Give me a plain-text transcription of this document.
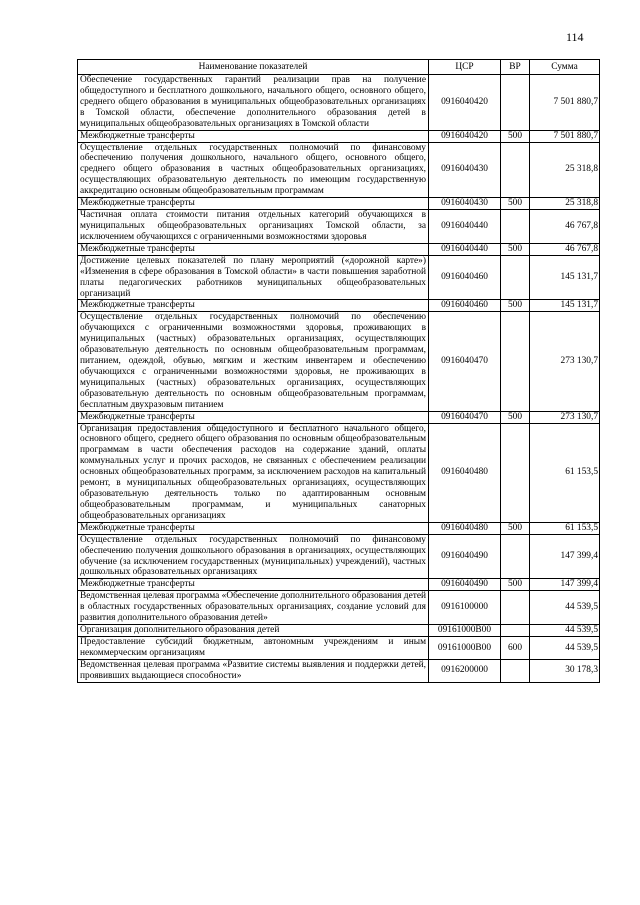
114
Наименование показателей	ЦСР	ВР	Сумма
Обеспечение государственных гарантий реализации прав на получение общедоступного и бесплатного дошкольного, начального общего, основного общего, среднего общего образования в муниципальных общеобразовательных организациях в Томской области, обеспечение дополнительного образования детей в муниципальных общеобразовательных организациях в Томской области	0916040420		7 501 880,7
Межбюджетные трансферты	0916040420	500	7 501 880,7
Осуществление отдельных государственных полномочий по финансовому обеспечению получения дошкольного, начального общего, основного общего, среднего общего образования в частных общеобразовательных организациях, осуществляющих образовательную деятельность по имеющим государственную аккредитацию основным общеобразовательным программам	0916040430		25 318,8
Межбюджетные трансферты	0916040430	500	25 318,8
Частичная оплата стоимости питания отдельных категорий обучающихся в муниципальных общеобразовательных организациях Томской области, за исключением обучающихся с ограниченными возможностями здоровья	0916040440		46 767,8
Межбюджетные трансферты	0916040440	500	46 767,8
Достижение целевых показателей по плану мероприятий («дорожной карте») «Изменения в сфере образования в Томской области» в части повышения заработной платы педагогических работников муниципальных общеобразовательных организаций	0916040460		145 131,7
Межбюджетные трансферты	0916040460	500	145 131,7
Осуществление отдельных государственных полномочий по обеспечению обучающихся с ограниченными возможностями здоровья, проживающих в муниципальных (частных) образовательных организациях, осуществляющих образовательную деятельность по основным общеобразовательным программам, питанием, одеждой, обувью, мягким и жестким инвентарем и обеспечению обучающихся с ограниченными возможностями здоровья, не проживающих в муниципальных (частных) образовательных организациях, осуществляющих образовательную деятельность по основным общеобразовательным программам, бесплатным двухразовым питанием	0916040470		273 130,7
Межбюджетные трансферты	0916040470	500	273 130,7
Организация предоставления общедоступного и бесплатного начального общего, основного общего, среднего общего образования по основным общеобразовательным программам в части обеспечения расходов на содержание зданий, оплаты коммунальных услуг и прочих расходов, не связанных с обеспечением реализации основных общеобразовательных программ, за исключением расходов на капитальный ремонт, в муниципальных общеобразовательных организациях, осуществляющих образовательную деятельность только по адаптированным основным общеобразовательным программам, и муниципальных санаторных общеобразовательных организациях	0916040480		61 153,5
Межбюджетные трансферты	0916040480	500	61 153,5
Осуществление отдельных государственных полномочий по финансовому обеспечению получения дошкольного образования в организациях, осуществляющих обучение (за исключением государственных (муниципальных) учреждений), частных дошкольных образовательных организациях	0916040490		147 399,4
Межбюджетные трансферты	0916040490	500	147 399,4
Ведомственная целевая программа «Обеспечение дополнительного образования детей в областных государственных образовательных организациях, создание условий для развития дополнительного образования детей»	0916100000		44 539,5
Организация дополнительного образования детей	09161000В00		44 539,5
Предоставление субсидий бюджетным, автономным учреждениям и иным некоммерческим организациям	09161000В00	600	44 539,5
Ведомственная целевая программа «Развитие системы выявления и поддержки детей, проявивших выдающиеся способности»	0916200000		30 178,3
